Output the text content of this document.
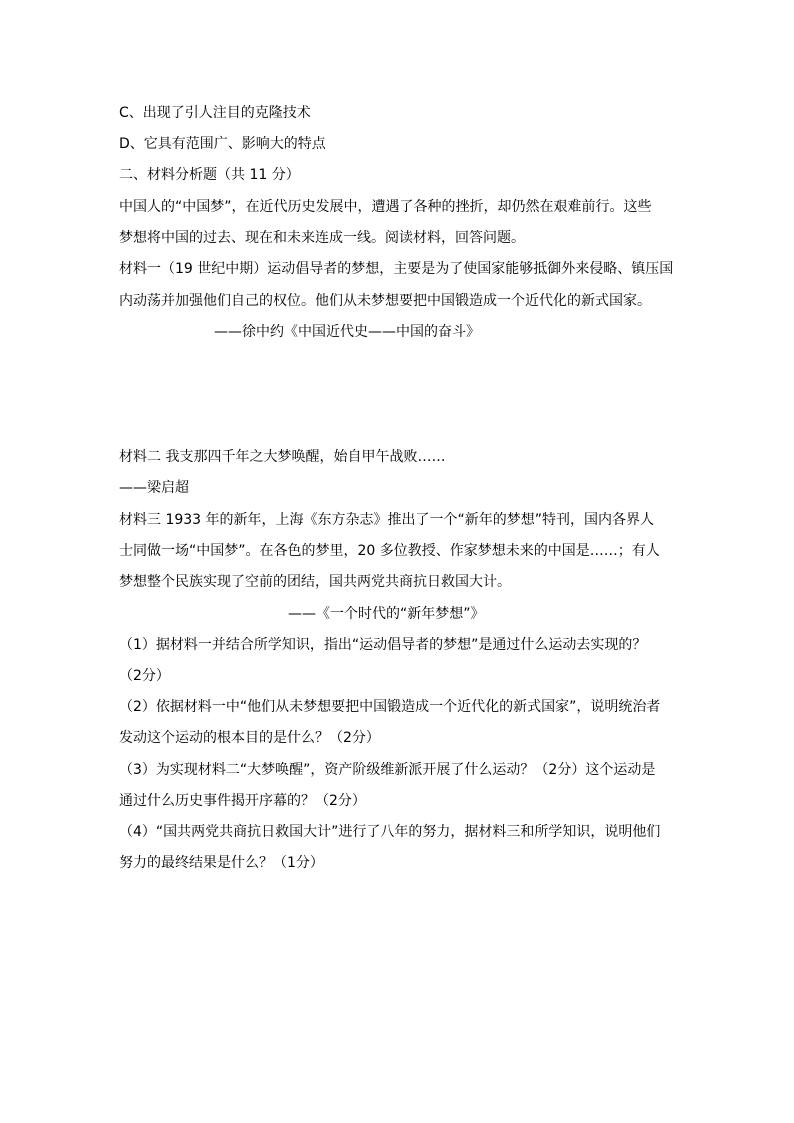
C、出现了引人注目的克隆技术
D、它具有范围广、影响大的特点
二、材料分析题（共 11 分）
中国人的“中国梦”，在近代历史发展中，遭遇了各种的挫折，却仍然在艰难前行。这些
梦想将中国的过去、现在和未来连成一线。阅读材料，回答问题。
材料一（19 世纪中期）运动倡导者的梦想，主要是为了使国家能够抵御外来侵略、镇压国
内动荡并加强他们自己的权位。他们从未梦想要把中国锻造成一个近代化的新式国家。
——徐中约《中国近代史——中国的奋斗》
材料二 我支那四千年之大梦唤醒，始自甲午战败……
——梁启超
材料三 1933 年的新年，上海《东方杂志》推出了一个“新年的梦想”特刊，国内各界人
士同做一场“中国梦”。在各色的梦里，20 多位教授、作家梦想未来的中国是……；有人
梦想整个民族实现了空前的团结，国共两党共商抗日救国大计。
——《一个时代的“新年梦想”》
（1）据材料一并结合所学知识，指出“运动倡导者的梦想”是通过什么运动去实现的？
（2分）
（2）依据材料一中“他们从未梦想要把中国锻造成一个近代化的新式国家”，说明统治者
发动这个运动的根本目的是什么？（2分）
（3）为实现材料二“大梦唤醒”，资产阶级维新派开展了什么运动？（2分）这个运动是
通过什么历史事件揭开序幕的？（2分）
（4）“国共两党共商抗日救国大计”进行了八年的努力，据材料三和所学知识，说明他们
努力的最终结果是什么？（1分）
